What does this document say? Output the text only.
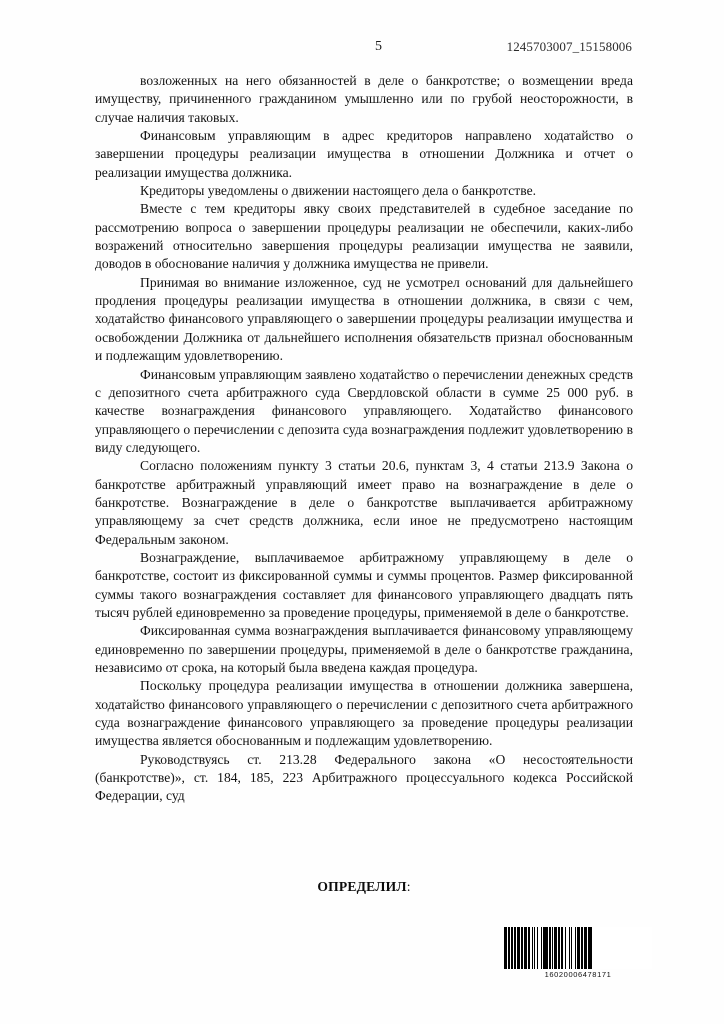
5	1245703007_15158006

возложенных на него обязанностей в деле о банкротстве; о возмещении вреда имуществу, причиненного гражданином умышленно или по грубой неосторожности, в случае наличия таковых.

Финансовым управляющим в адрес кредиторов направлено ходатайство о завершении процедуры реализации имущества в отношении Должника и отчет о реализации имущества должника.

Кредиторы уведомлены о движении настоящего дела о банкротстве.

Вместе с тем кредиторы явку своих представителей в судебное заседание по рассмотрению вопроса о завершении процедуры реализации не обеспечили, каких-либо возражений относительно завершения процедуры реализации имущества не заявили, доводов в обоснование наличия у должника имущества не привели.

Принимая во внимание изложенное, суд не усмотрел оснований для дальнейшего продления процедуры реализации имущества в отношении должника, в связи с чем, ходатайство финансового управляющего о завершении процедуры реализации имущества и освобождении Должника от дальнейшего исполнения обязательств признал обоснованным и подлежащим удовлетворению.

Финансовым управляющим заявлено ходатайство о перечислении денежных средств с депозитного счета арбитражного суда Свердловской области в сумме 25 000 руб. в качестве вознаграждения финансового управляющего. Ходатайство финансового управляющего о перечислении с депозита суда вознаграждения подлежит удовлетворению в виду следующего.

Согласно положениям пункту 3 статьи 20.6, пунктам 3, 4 статьи 213.9 Закона о банкротстве арбитражный управляющий имеет право на вознаграждение в деле о банкротстве. Вознаграждение в деле о банкротстве выплачивается арбитражному управляющему за счет средств должника, если иное не предусмотрено настоящим Федеральным законом.

Вознаграждение, выплачиваемое арбитражному управляющему в деле о банкротстве, состоит из фиксированной суммы и суммы процентов. Размер фиксированной суммы такого вознаграждения составляет для финансового управляющего двадцать пять тысяч рублей единовременно за проведение процедуры, применяемой в деле о банкротстве.

Фиксированная сумма вознаграждения выплачивается финансовому управляющему единовременно по завершении процедуры, применяемой в деле о банкротстве гражданина, независимо от срока, на который была введена каждая процедура.

Поскольку процедура реализации имущества в отношении должника завершена, ходатайство финансового управляющего о перечислении с депозитного счета арбитражного суда вознаграждение финансового управляющего за проведение процедуры реализации имущества является обоснованным и подлежащим удовлетворению.

Руководствуясь ст. 213.28 Федерального закона «О несостоятельности (банкротстве)», ст. 184, 185, 223 Арбитражного процессуального кодекса Российской Федерации, суд

ОПРЕДЕЛИЛ:
16020006478171
